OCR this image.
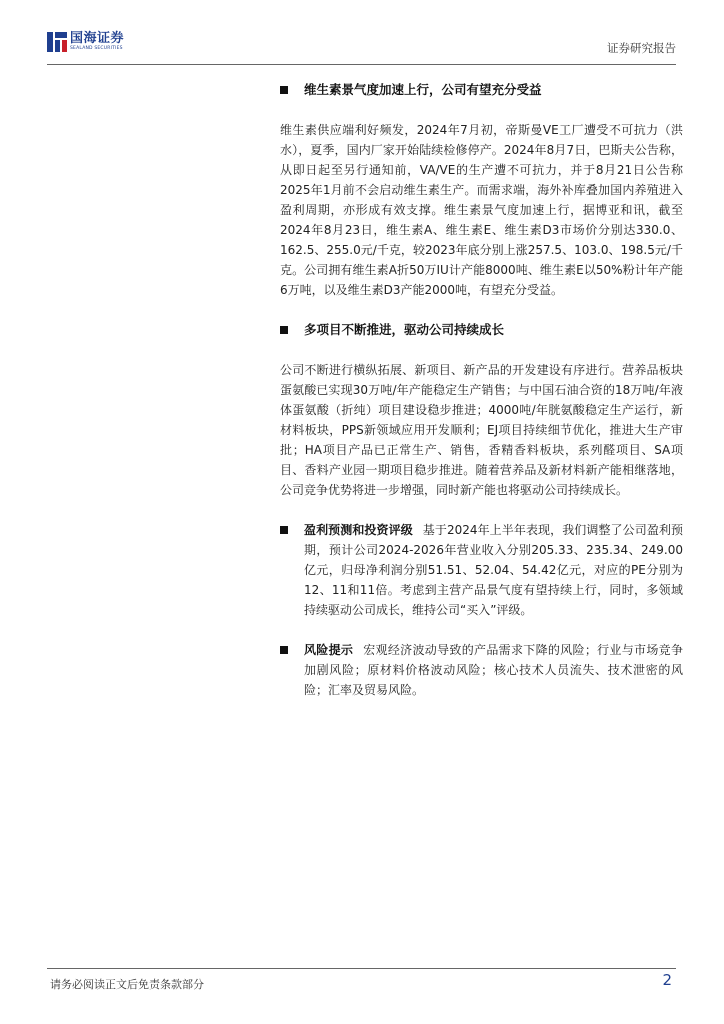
国海证券
SEALAND SECURITIES	证券研究报告
维生素景气度加速上行，公司有望充分受益

维生素供应端利好频发，2024年7月初，帝斯曼VE工厂遭受不可抗力（洪水），夏季，国内厂家开始陆续检修停产。2024年8月7日，巴斯夫公告称，从即日起至另行通知前，VA/VE的生产遭不可抗力，并于8月21日公告称2025年1月前不会启动维生素生产。而需求端，海外补库叠加国内养殖进入盈利周期，亦形成有效支撑。维生素景气度加速上行，据博亚和讯，截至2024年8月23日，维生素A、维生素E、维生素D3市场价分别达330.0、162.5、255.0元/千克，较2023年底分别上涨257.5、103.0、198.5元/千克。公司拥有维生素A折50万IU计产能8000吨、维生素E以50%粉计年产能6万吨，以及维生素D3产能2000吨，有望充分受益。

多项目不断推进，驱动公司持续成长

公司不断进行横纵拓展、新项目、新产品的开发建设有序进行。营养品板块蛋氨酸已实现30万吨/年产能稳定生产销售；与中国石油合资的18万吨/年液体蛋氨酸（折纯）项目建设稳步推进；4000吨/年胱氨酸稳定生产运行，新材料板块，PPS新领域应用开发顺利；EJ项目持续细节优化，推进大生产审批；HA项目产品已正常生产、销售，香精香料板块，系列醛项目、SA项目、香料产业园一期项目稳步推进。随着营养品及新材料新产能相继落地，公司竞争优势将进一步增强，同时新产能也将驱动公司持续成长。

盈利预测和投资评级 基于2024年上半年表现，我们调整了公司盈利预期，预计公司2024-2026年营业收入分别205.33、235.34、249.00亿元，归母净利润分别51.51、52.04、54.42亿元，对应的PE分别为12、11和11倍。考虑到主营产品景气度有望持续上行，同时，多领域持续驱动公司成长，维持公司“买入”评级。
风险提示 宏观经济波动导致的产品需求下降的风险；行业与市场竞争加剧风险；原材料价格波动风险；核心技术人员流失、技术泄密的风险；汇率及贸易风险。
请务必阅读正文后免责条款部分	2
